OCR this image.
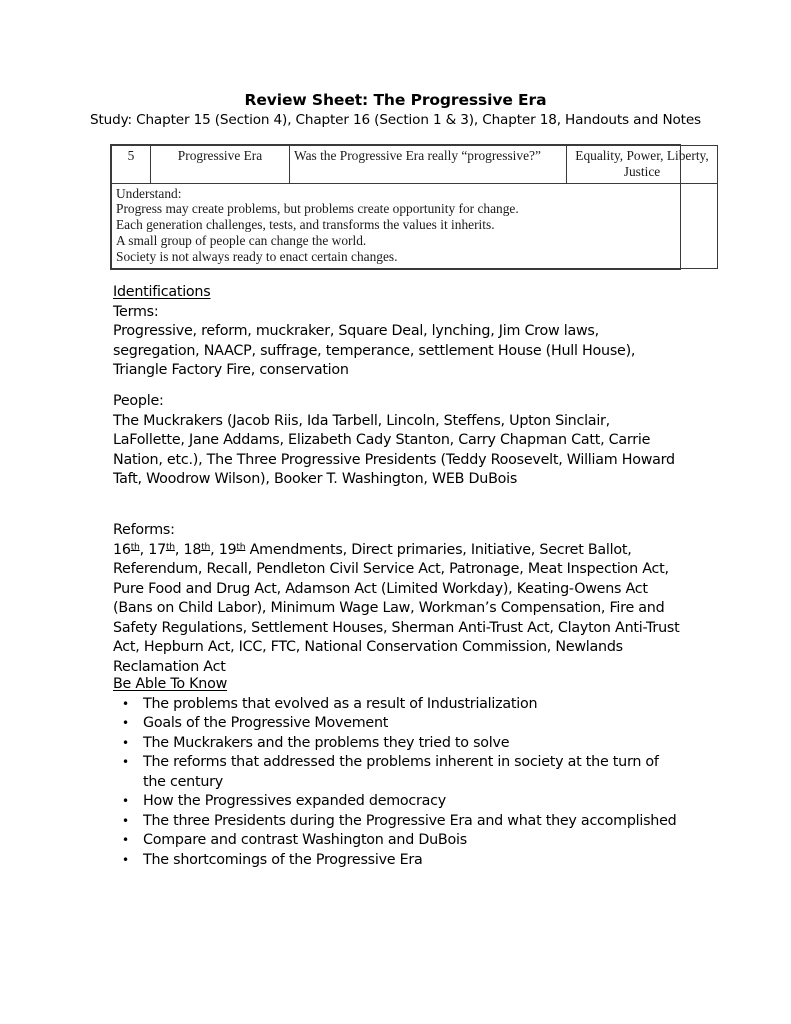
Review Sheet: The Progressive Era
Study: Chapter 15 (Section 4), Chapter 16 (Section 1 & 3), Chapter 18, Handouts and Notes
5	Progressive Era	Was the Progressive Era really “progressive?”	Equality, Power, Liberty, Justice

Understand:
Progress may create problems, but problems create opportunity for change.
Each generation challenges, tests, and transforms the values it inherits.
A small group of people can change the world.
Society is not always ready to enact certain changes.
Identifications
Terms:
Progressive, reform, muckraker, Square Deal, lynching, Jim Crow laws, segregation, NAACP, suffrage, temperance, settlement House (Hull House), Triangle Factory Fire, conservation
People:
The Muckrakers (Jacob Riis, Ida Tarbell, Lincoln, Steffens, Upton Sinclair, LaFollette, Jane Addams, Elizabeth Cady Stanton, Carry Chapman Catt, Carrie Nation, etc.), The Three Progressive Presidents (Teddy Roosevelt, William Howard Taft, Woodrow Wilson), Booker T. Washington, WEB DuBois
Reforms:
16th, 17th, 18th, 19th Amendments, Direct primaries, Initiative, Secret Ballot, Referendum, Recall, Pendleton Civil Service Act, Patronage, Meat Inspection Act, Pure Food and Drug Act, Adamson Act (Limited Workday), Keating-Owens Act (Bans on Child Labor), Minimum Wage Law, Workman’s Compensation, Fire and Safety Regulations, Settlement Houses, Sherman Anti-Trust Act, Clayton Anti-Trust Act, Hepburn Act, ICC, FTC, National Conservation Commission, Newlands Reclamation Act
Be Able To Know
• The problems that evolved as a result of Industrialization
• Goals of the Progressive Movement
• The Muckrakers and the problems they tried to solve
• The reforms that addressed the problems inherent in society at the turn of the century
• How the Progressives expanded democracy
• The three Presidents during the Progressive Era and what they accomplished
• Compare and contrast Washington and DuBois
• The shortcomings of the Progressive Era
